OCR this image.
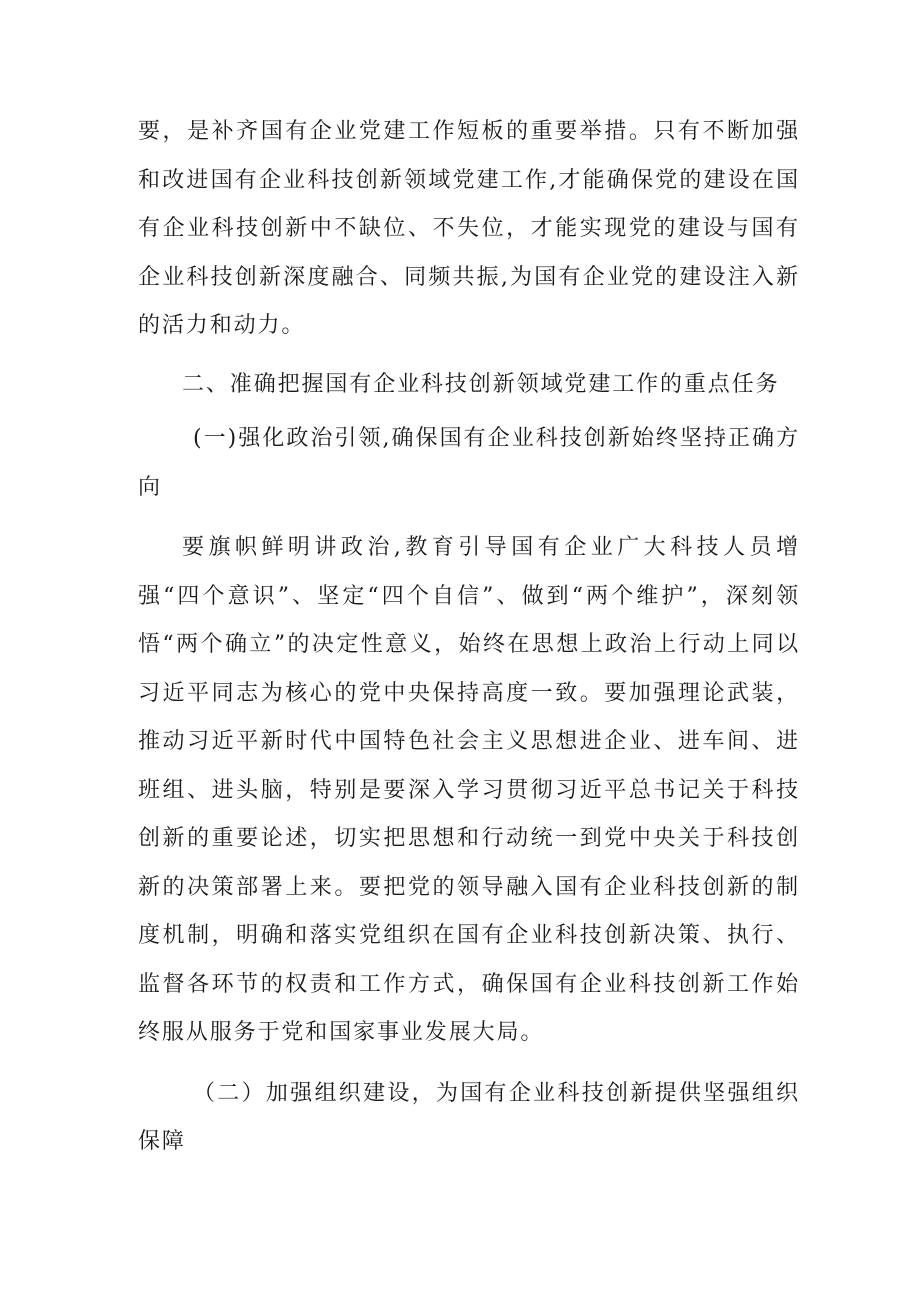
要，是补齐国有企业党建工作短板的重要举措。只有不断加强和改进国有企业科技创新领域党建工作,才能确保党的建设在国有企业科技创新中不缺位、不失位，才能实现党的建设与国有企业科技创新深度融合、同频共振,为国有企业党的建设注入新的活力和动力。

二、准确把握国有企业科技创新领域党建工作的重点任务

(一)强化政治引领,确保国有企业科技创新始终坚持正确方向

要旗帜鲜明讲政治,教育引导国有企业广大科技人员增强“四个意识”、坚定“四个自信”、做到“两个维护”，深刻领悟“两个确立”的决定性意义，始终在思想上政治上行动上同以习近平同志为核心的党中央保持高度一致。要加强理论武装，推动习近平新时代中国特色社会主义思想进企业、进车间、进班组、进头脑，特别是要深入学习贯彻习近平总书记关于科技创新的重要论述，切实把思想和行动统一到党中央关于科技创新的决策部署上来。要把党的领导融入国有企业科技创新的制度机制，明确和落实党组织在国有企业科技创新决策、执行、监督各环节的权责和工作方式，确保国有企业科技创新工作始终服从服务于党和国家事业发展大局。

（二）加强组织建设，为国有企业科技创新提供坚强组织保障
